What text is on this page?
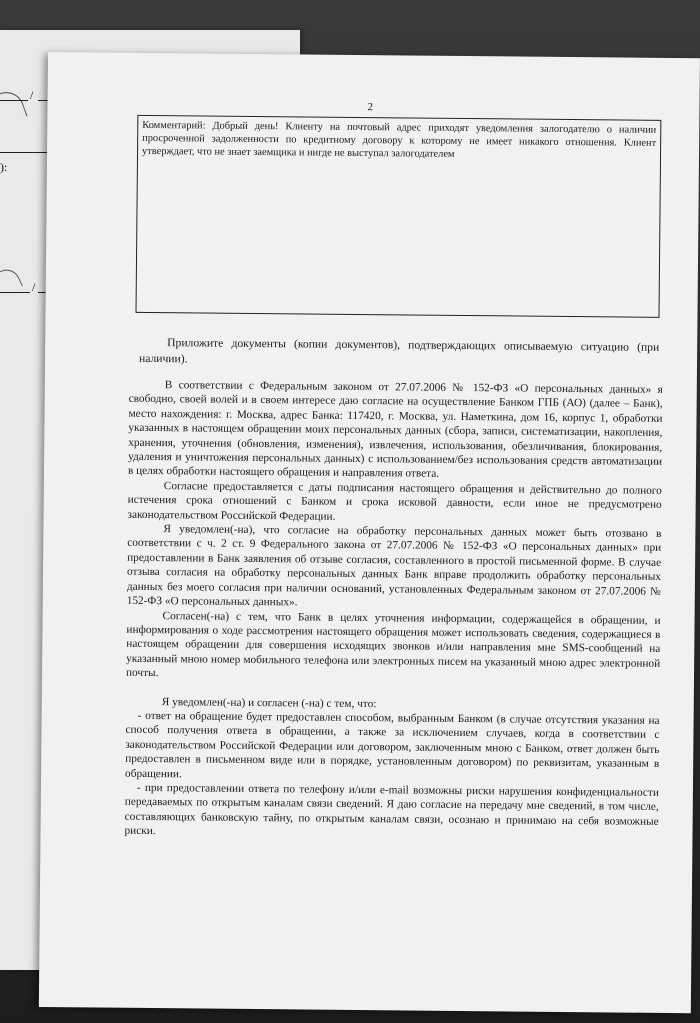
/
):
/
2
Комментарий: Добрый день! Клиенту на почтовый адрес приходят уведомления залогодателю о наличии просроченной задолженности по кредитному договору к которому не имеет никакого отношения. Клиент утверждает, что не знает заемщика и нигде не выступал залогодателем
Приложите документы (копии документов), подтверждающих описываемую ситуацию (при наличии).

В соответствии с Федеральным законом от 27.07.2006 № 152-ФЗ «О персональных данных» я свободно, своей волей и в своем интересе даю согласие на осуществление Банком ГПБ (АО) (далее – Банк), место нахождения: г. Москва, адрес Банка: 117420, г. Москва, ул. Наметкина, дом 16, корпус 1, обработки указанных в настоящем обращении моих персональных данных (сбора, записи, систематизации, накопления, хранения, уточнения (обновления, изменения), извлечения, использования, обезличивания, блокирования, удаления и уничтожения персональных данных) с использованием/без использования средств автоматизации в целях обработки настоящего обращения и направления ответа.

Согласие предоставляется с даты подписания настоящего обращения и действительно до полного истечения срока отношений с Банком и срока исковой давности, если иное не предусмотрено законодательством Российской Федерации.

Я уведомлен(-на), что согласие на обработку персональных данных может быть отозвано в соответствии с ч. 2 ст. 9 Федерального закона от 27.07.2006 № 152-ФЗ «О персональных данных» при предоставлении в Банк заявления об отзыве согласия, составленного в простой письменной форме. В случае отзыва согласия на обработку персональных данных Банк вправе продолжить обработку персональных данных без моего согласия при наличии оснований, установленных Федеральным законом от 27.07.2006 № 152-ФЗ «О персональных данных».

Согласен(-на) с тем, что Банк в целях уточнения информации, содержащейся в обращении, и информирования о ходе рассмотрения настоящего обращения может использовать сведения, содержащиеся в настоящем обращении для совершения исходящих звонков и/или направления мне SMS-сообщений на указанный мною номер мобильного телефона или электронных писем на указанный мною адрес электронной почты.

Я уведомлен(-на) и согласен (-на) с тем, что:

- ответ на обращение будет предоставлен способом, выбранным Банком (в случае отсутствия указания на способ получения ответа в обращении, а также за исключением случаев, когда в соответствии с законодательством Российской Федерации или договором, заключенным мною с Банком, ответ должен быть предоставлен в письменном виде или в порядке, установленным договором) по реквизитам, указанным в обращении.

- при предоставлении ответа по телефону и/или e-mail возможны риски нарушения конфиденциальности передаваемых по открытым каналам связи сведений. Я даю согласие на передачу мне сведений, в том числе, составляющих банковскую тайну, по открытым каналам связи, осознаю и принимаю на себя возможные риски.
